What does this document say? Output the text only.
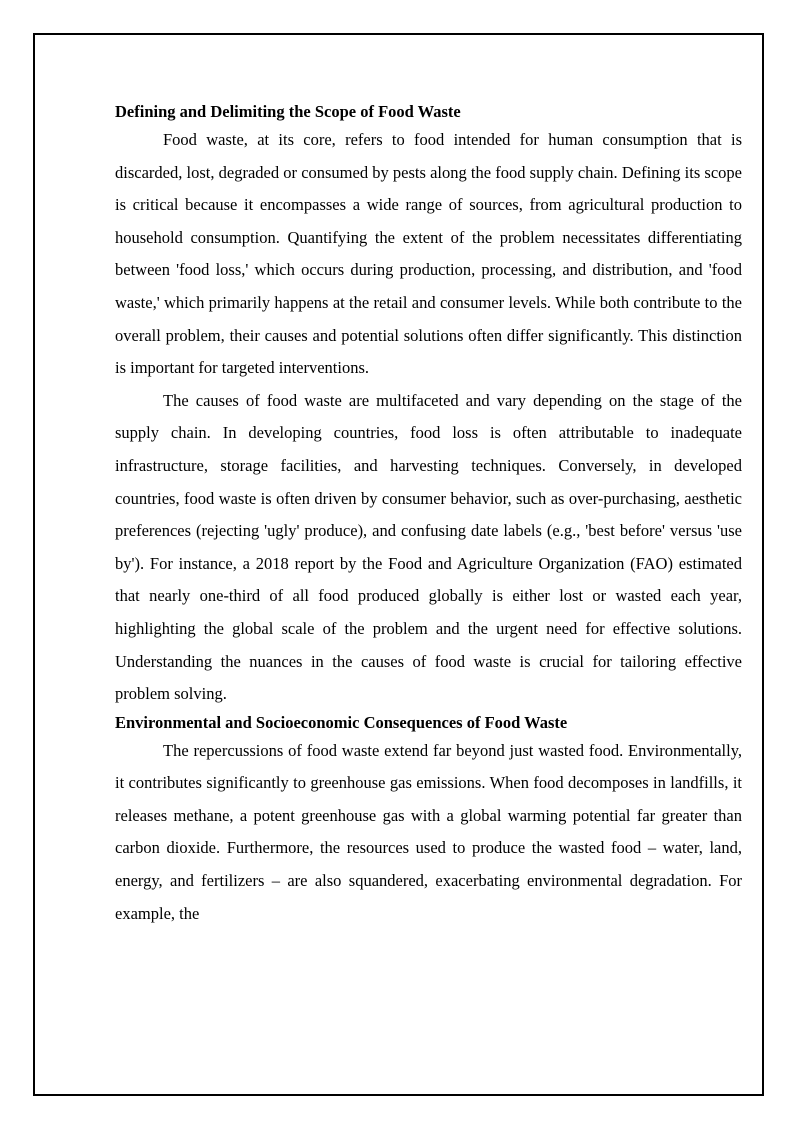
Defining and Delimiting the Scope of Food Waste

Food waste, at its core, refers to food intended for human consumption that is discarded, lost, degraded or consumed by pests along the food supply chain. Defining its scope is critical because it encompasses a wide range of sources, from agricultural production to household consumption. Quantifying the extent of the problem necessitates differentiating between 'food loss,' which occurs during production, processing, and distribution, and 'food waste,' which primarily happens at the retail and consumer levels. While both contribute to the overall problem, their causes and potential solutions often differ significantly. This distinction is important for targeted interventions.

The causes of food waste are multifaceted and vary depending on the stage of the supply chain. In developing countries, food loss is often attributable to inadequate infrastructure, storage facilities, and harvesting techniques. Conversely, in developed countries, food waste is often driven by consumer behavior, such as over-purchasing, aesthetic preferences (rejecting 'ugly' produce), and confusing date labels (e.g., 'best before' versus 'use by'). For instance, a 2018 report by the Food and Agriculture Organization (FAO) estimated that nearly one-third of all food produced globally is either lost or wasted each year, highlighting the global scale of the problem and the urgent need for effective solutions. Understanding the nuances in the causes of food waste is crucial for tailoring effective problem solving.

Environmental and Socioeconomic Consequences of Food Waste

The repercussions of food waste extend far beyond just wasted food. Environmentally, it contributes significantly to greenhouse gas emissions. When food decomposes in landfills, it releases methane, a potent greenhouse gas with a global warming potential far greater than carbon dioxide. Furthermore, the resources used to produce the wasted food – water, land, energy, and fertilizers – are also squandered, exacerbating environmental degradation. For example, the
